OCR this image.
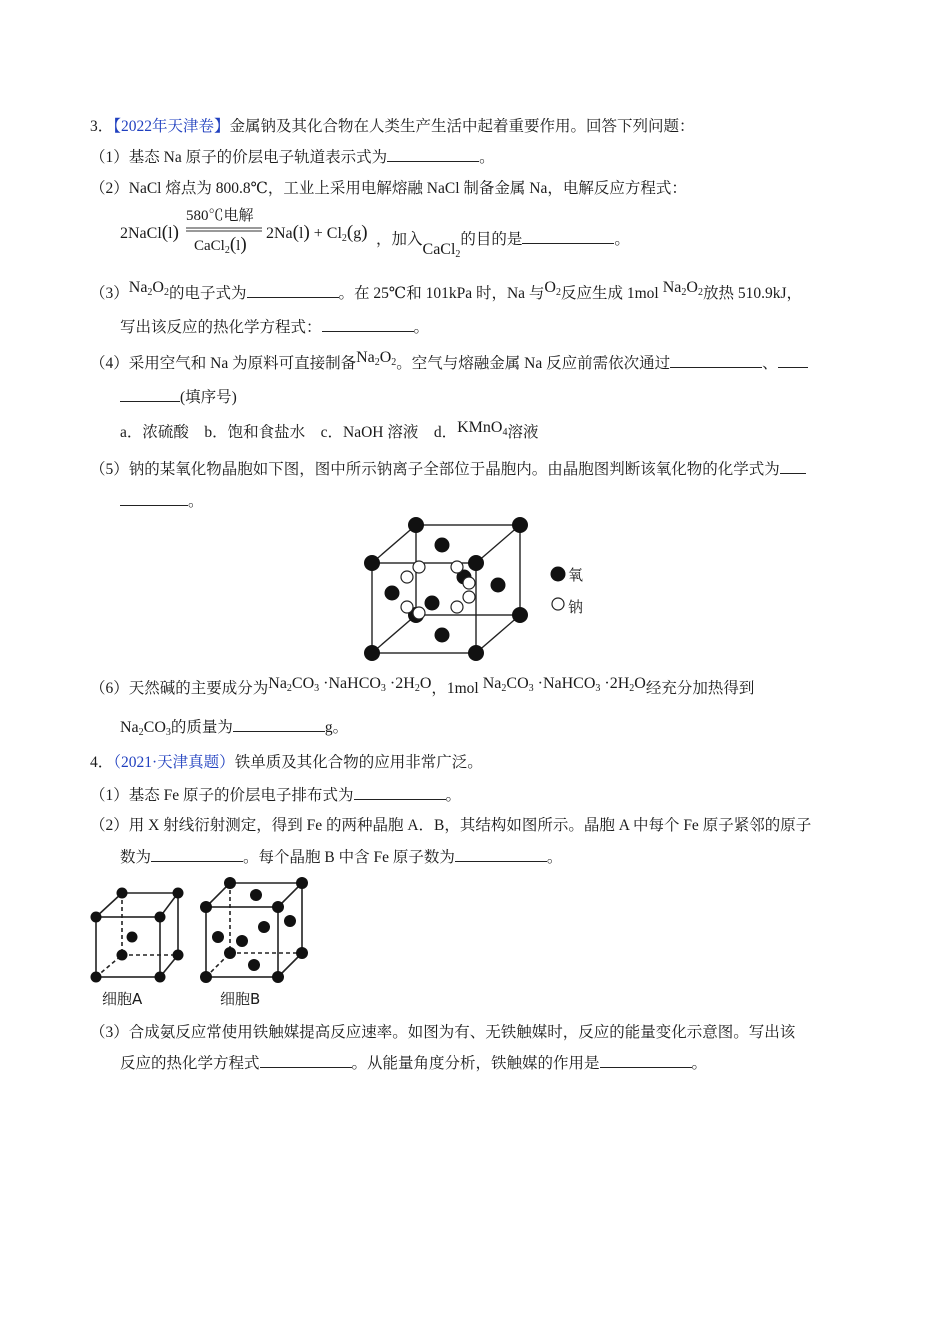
3．【2022年天津卷】金属钠及其化合物在人类生产生活中起着重要作用。回答下列问题：
（1）基态 Na 原子的价层电子轨道表示式为	。
（2）NaCl 熔点为 800.8℃，工业上采用电解熔融 NaCl 制备金属 Na，电解反应方程式：
2NaCl(l)
580℃电解
CaCl$_2$(l)
$2Na(l) + Cl_2(g)$ ，加入CaCl$_2$的目的是	。
$(3)Na_2O_2$的电子式为	。在 25℃和 101kPa 时，Na 与$O_2$反应生成 1mol $Na_2O_2$放热 510.9kJ，
写出该反应的热化学方程式：	。
（4）采用空气和 Na 为原料可直接制备$Na_2O_2$。空气与熔融金属 Na 反应前需依次通过	、
(填序号)
a．浓硫酸　b．饱和食盐水　c．NaOH 溶液　d．KMnO$_4$溶液
（5）钠的某氧化物晶胞如下图，图中所示钠离子全部位于晶胞内。由晶胞图判断该氧化物的化学式为
。
氧
钠
（6）天然碱的主要成分为$Na_2CO_3$ ·NaHCO$_3$ $\cdot 2H_2O$，1mol $Na_2CO_3$ ·NaHCO$_3$ $\cdot 2H_2O$经充分加热得到
$Na_2CO_3$的质量为	g。
4．（2021·天津真题）铁单质及其化合物的应用非常广泛。
（1）基态 Fe 原子的价层电子排布式为	。
（2）用 X 射线衍射测定，得到 Fe 的两种晶胞 A．B，其结构如图所示。晶胞 A 中每个 Fe 原子紧邻的原子
数为	。每个晶胞 B 中含 Fe 原子数为	。
细胞A	细胞B
（3）合成氨反应常使用铁触媒提高反应速率。如图为有、无铁触媒时，反应的能量变化示意图。写出该
反应的热化学方程式	。从能量角度分析，铁触媒的作用是	。
